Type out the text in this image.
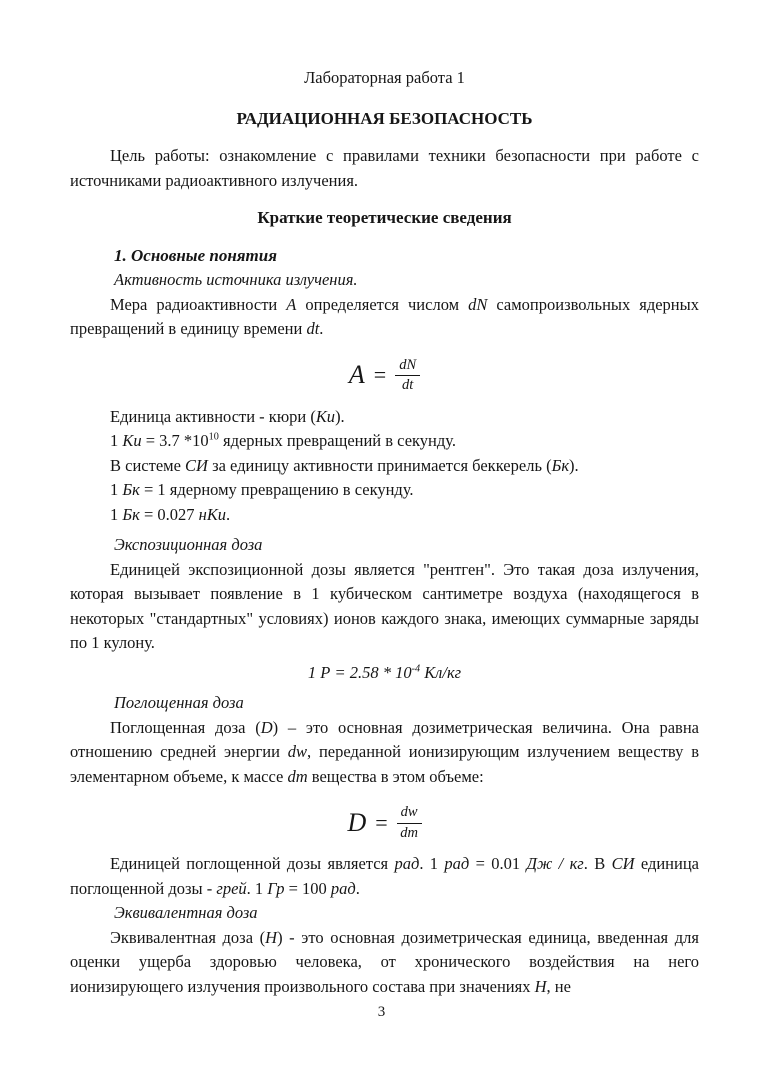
Лабораторная работа 1
РАДИАЦИОННАЯ БЕЗОПАСНОСТЬ

Цель работы: ознакомление с правилами техники безопасности при работе с источниками радиоактивного излучения.

Краткие теоретические сведения
1. Основные понятия
Активность источника излучения.

Мера радиоактивности А определяется числом dN самопроизвольных ядерных превращений в единицу времени dt.

$A = \frac{dN}{dt}$
Единица активности - кюри (Ки).
1 Ки = 3.7 $*10^{10}$ ядерных превращений в секунду.
В системе СИ за единицу активности принимается беккерель (Бк).
1 Бк = 1 ядерному превращению в секунду.
1 Бк = 0.027 нКи.
Экспозиционная доза

Единицей экспозиционной дозы является "рентген". Это такая доза излучения, которая вызывает появление в 1 кубическом сантиметре воздуха (находящегося в некоторых "стандартных" условиях) ионов каждого знака, имеющих суммарные заряды по 1 кулону.

1 $Р = 2.58 * 10^{-4}$ Кл/кг
Поглощенная доза

Поглощенная доза (D) – это основная дозиметрическая величина. Она равна отношению средней энергии dw, переданной ионизирующим излучением веществу в элементарном объеме, к массе dm вещества в этом объеме:

$D = \frac{dw}{dm}$

Единицей поглощенной дозы является рад. 1 рад = 0.01 Дж / кг. В СИ единица поглощенной дозы - грей. 1 Гр = 100 рад.

Эквивалентная доза

Эквивалентная доза (Н) - это основная дозиметрическая единица, введенная для оценки ущерба здоровью человека, от хронического воздействия на него ионизирующего излучения произвольного состава при значениях Н, не

3
